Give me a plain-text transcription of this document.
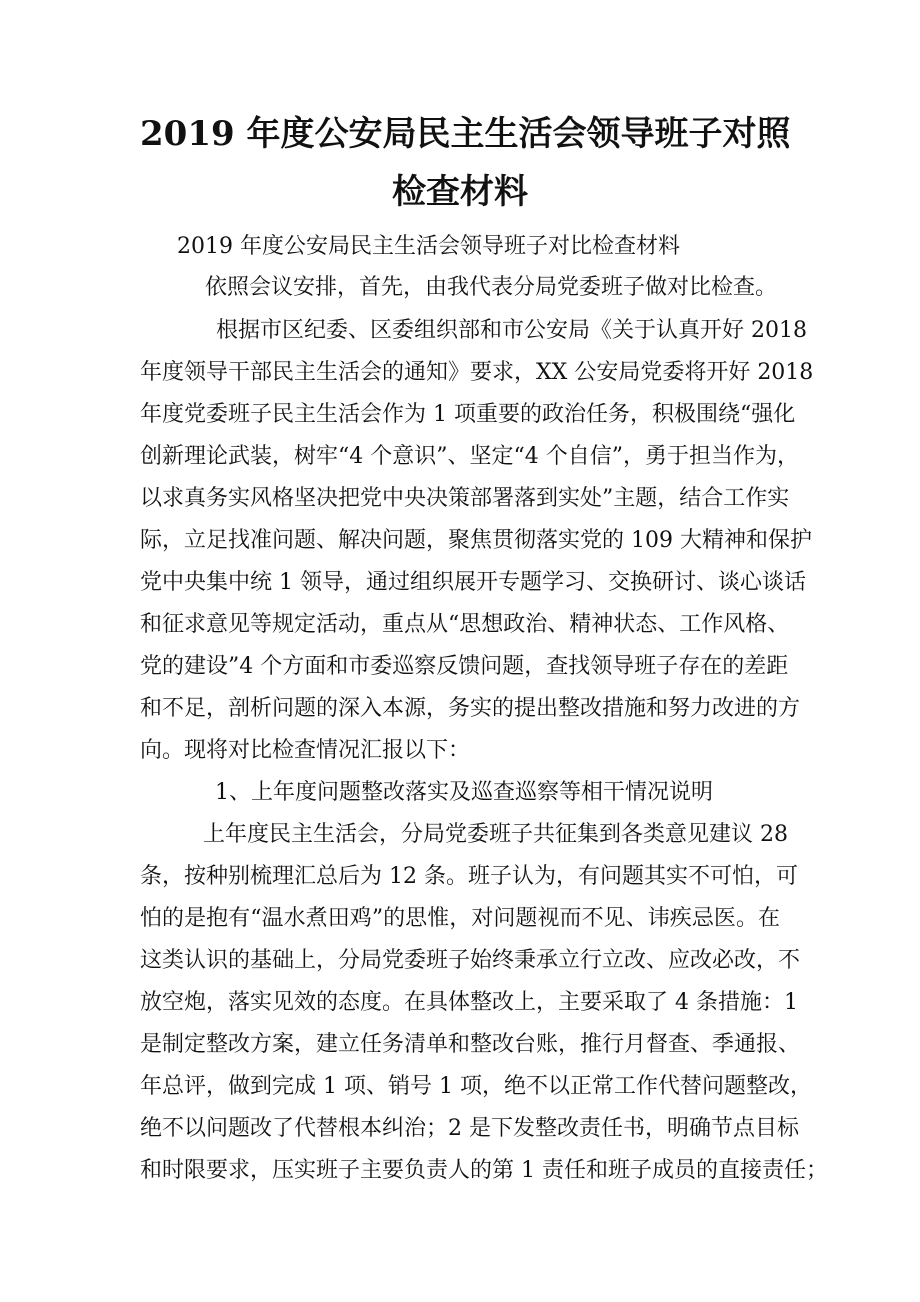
2019 年度公安局民主生活会领导班子对照
检查材料

2019 年度公安局民主生活会领导班子对比检查材料

依照会议安排，首先，由我代表分局党委班子做对比检查。

根据市区纪委、区委组织部和市公安局《关于认真开好 2018

年度领导干部民主生活会的通知》要求，XX 公安局党委将开好 2018

年度党委班子民主生活会作为 1 项重要的政治任务，积极围绕“强化

创新理论武装，树牢“4 个意识”、坚定“4 个自信”，勇于担当作为，

以求真务实风格坚决把党中央决策部署落到实处”主题，结合工作实

际，立足找准问题、解决问题，聚焦贯彻落实党的 109 大精神和保护

党中央集中统 1 领导，通过组织展开专题学习、交换研讨、谈心谈话

和征求意见等规定活动，重点从“思想政治、精神状态、工作风格、

党的建设”4 个方面和市委巡察反馈问题，查找领导班子存在的差距

和不足，剖析问题的深入本源，务实的提出整改措施和努力改进的方

向。现将对比检查情况汇报以下：

1、上年度问题整改落实及巡查巡察等相干情况说明

上年度民主生活会，分局党委班子共征集到各类意见建议 28

条，按种别梳理汇总后为 12 条。班子认为，有问题其实不可怕，可

怕的是抱有“温水煮田鸡”的思惟，对问题视而不见、讳疾忌医。在

这类认识的基础上，分局党委班子始终秉承立行立改、应改必改，不

放空炮，落实见效的态度。在具体整改上，主要采取了 4 条措施：1

是制定整改方案，建立任务清单和整改台账，推行月督查、季通报、

年总评，做到完成 1 项、销号 1 项，绝不以正常工作代替问题整改，

绝不以问题改了代替根本纠治；2 是下发整改责任书，明确节点目标

和时限要求，压实班子主要负责人的第 1 责任和班子成员的直接责任；
